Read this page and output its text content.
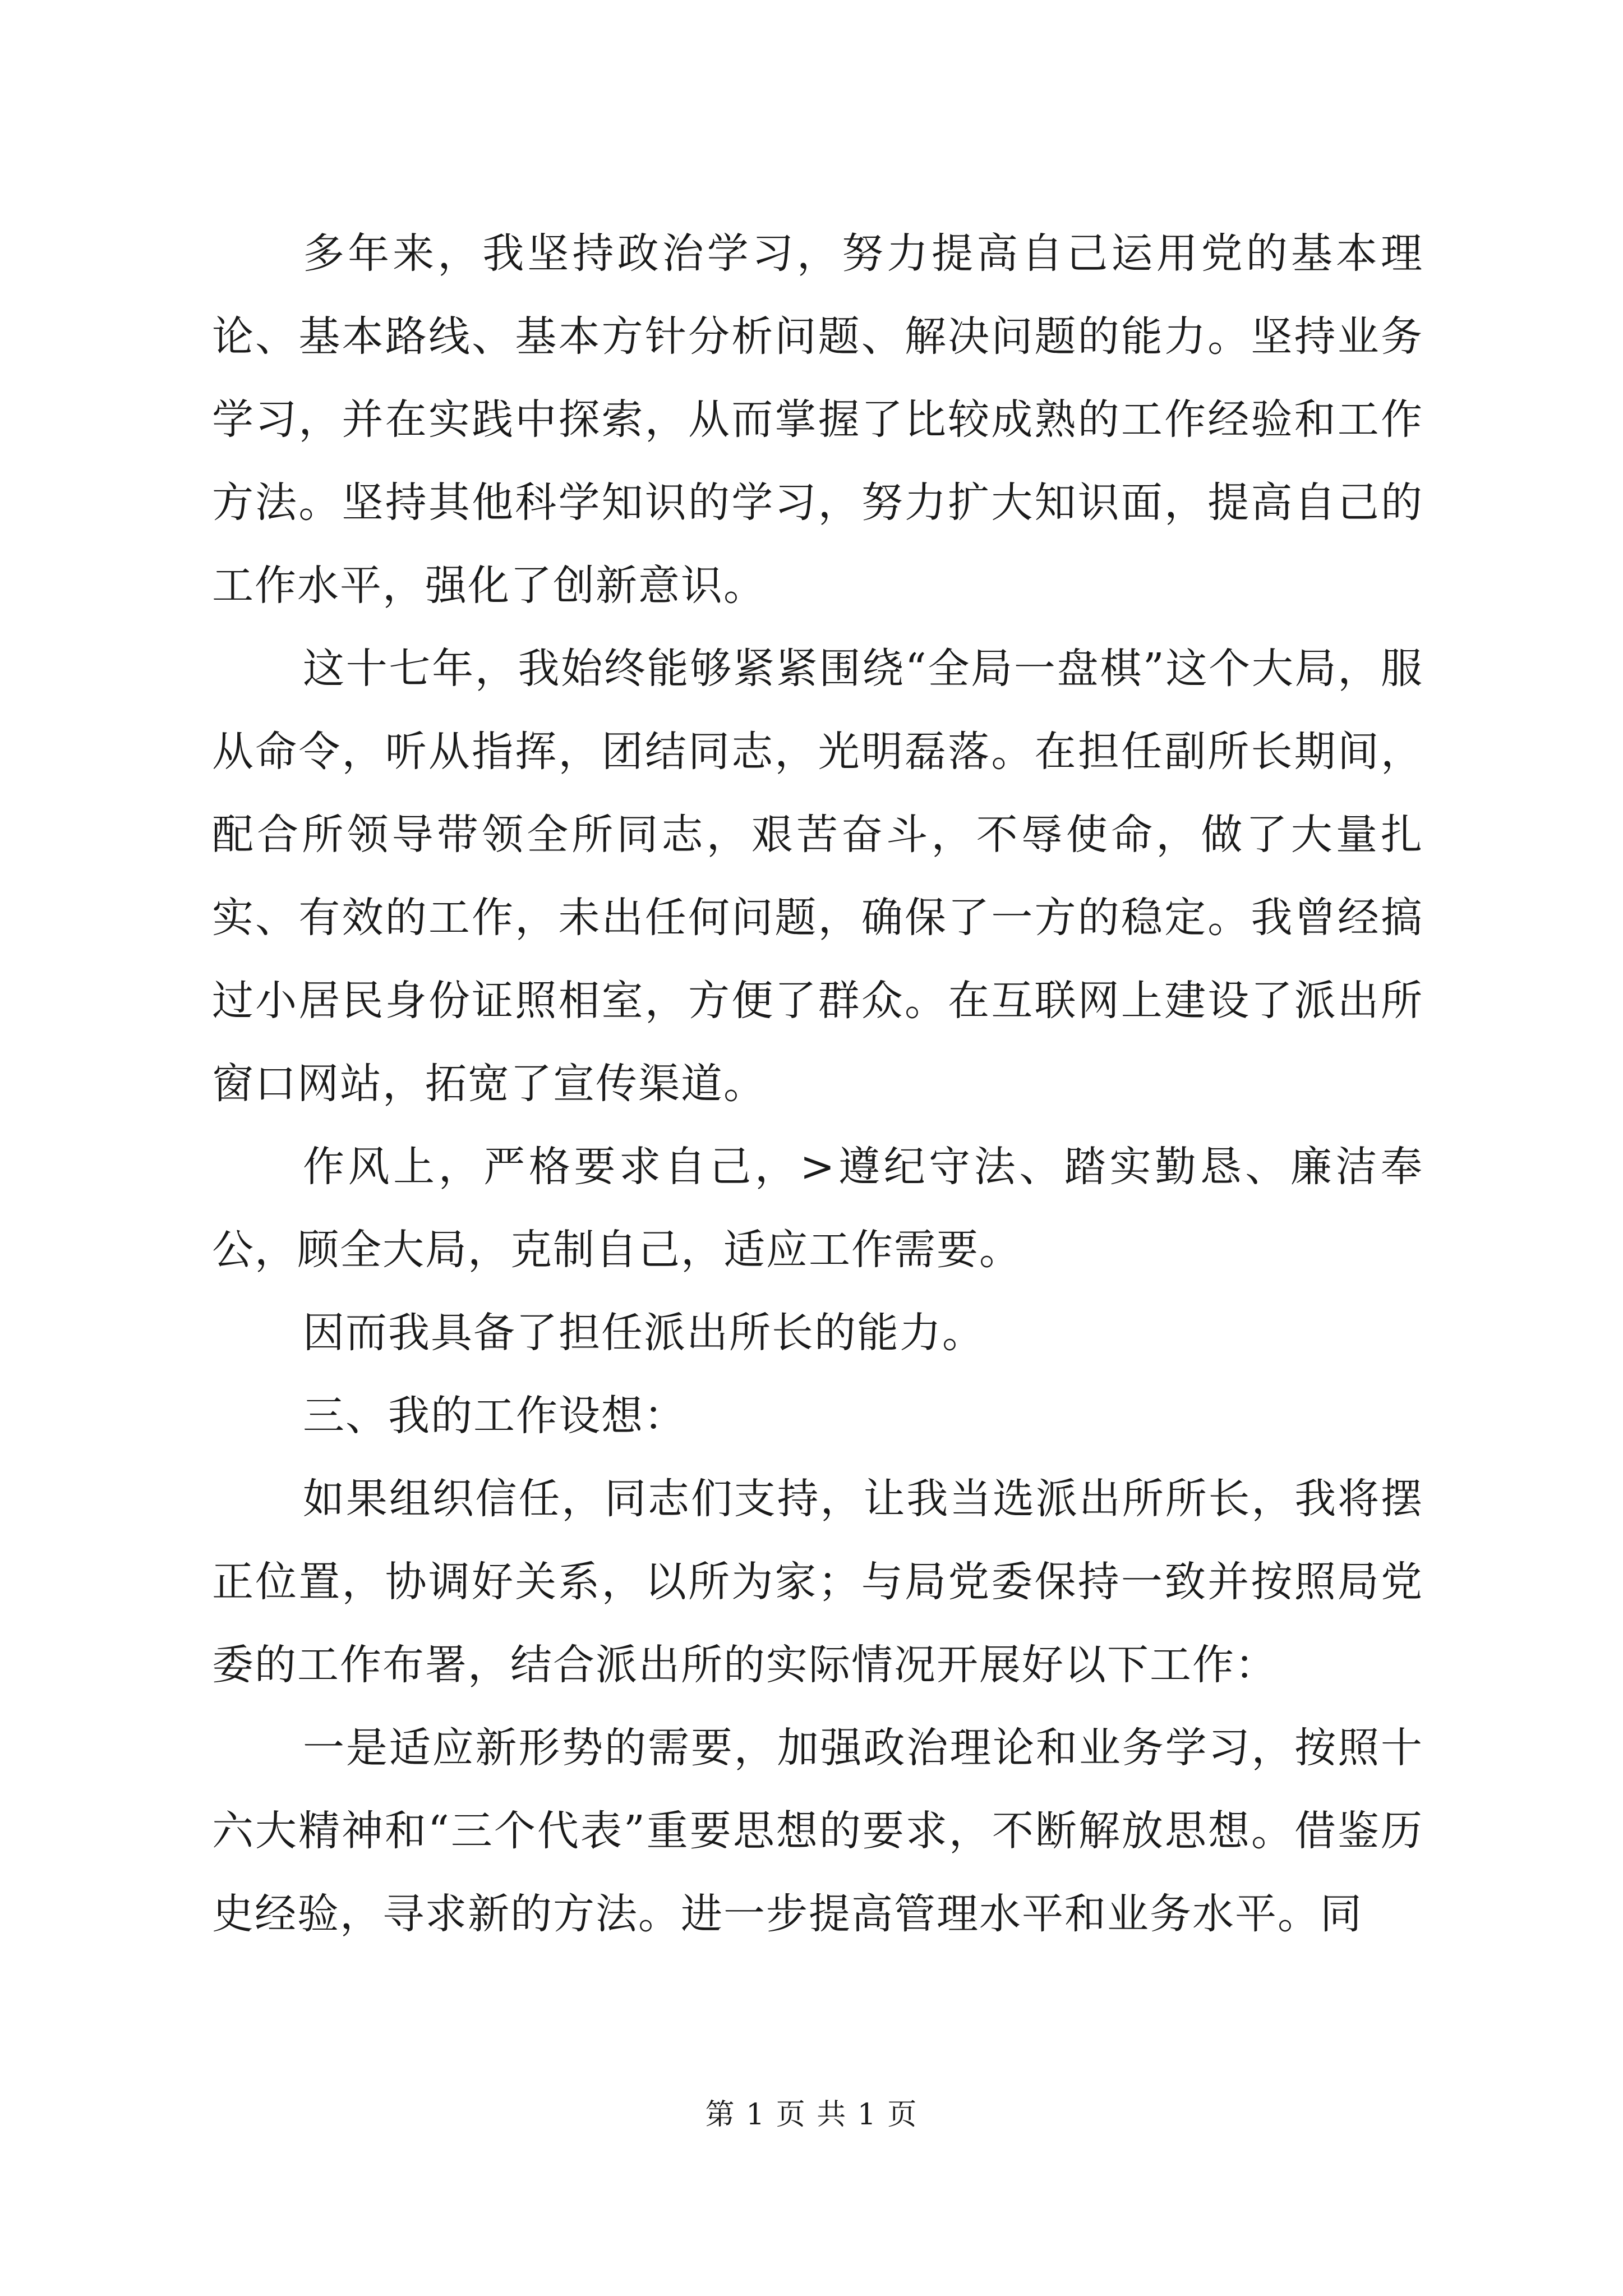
多年来，我坚持政治学习，努力提高自己运用党的基本理论、基本路线、基本方针分析问题、解决问题的能力。坚持业务学习，并在实践中探索，从而掌握了比较成熟的工作经验和工作方法。坚持其他科学知识的学习，努力扩大知识面，提高自己的工作水平，强化了创新意识。

这十七年，我始终能够紧紧围绕“全局一盘棋”这个大局，服从命令，听从指挥，团结同志，光明磊落。在担任副所长期间，配合所领导带领全所同志，艰苦奋斗，不辱使命，做了大量扎实、有效的工作，未出任何问题，确保了一方的稳定。我曾经搞过小居民身份证照相室，方便了群众。在互联网上建设了派出所窗口网站，拓宽了宣传渠道。

作风上，严格要求自己，>遵纪守法、踏实勤恳、廉洁奉公，顾全大局，克制自己，适应工作需要。

因而我具备了担任派出所长的能力。

三、我的工作设想：

如果组织信任，同志们支持，让我当选派出所所长，我将摆正位置，协调好关系，以所为家；与局党委保持一致并按照局党委的工作布署，结合派出所的实际情况开展好以下工作：

一是适应新形势的需要，加强政治理论和业务学习，按照十六大精神和“三个代表”重要思想的要求，不断解放思想。借鉴历史经验，寻求新的方法。进一步提高管理水平和业务水平。同

第 1 页 共 1 页
